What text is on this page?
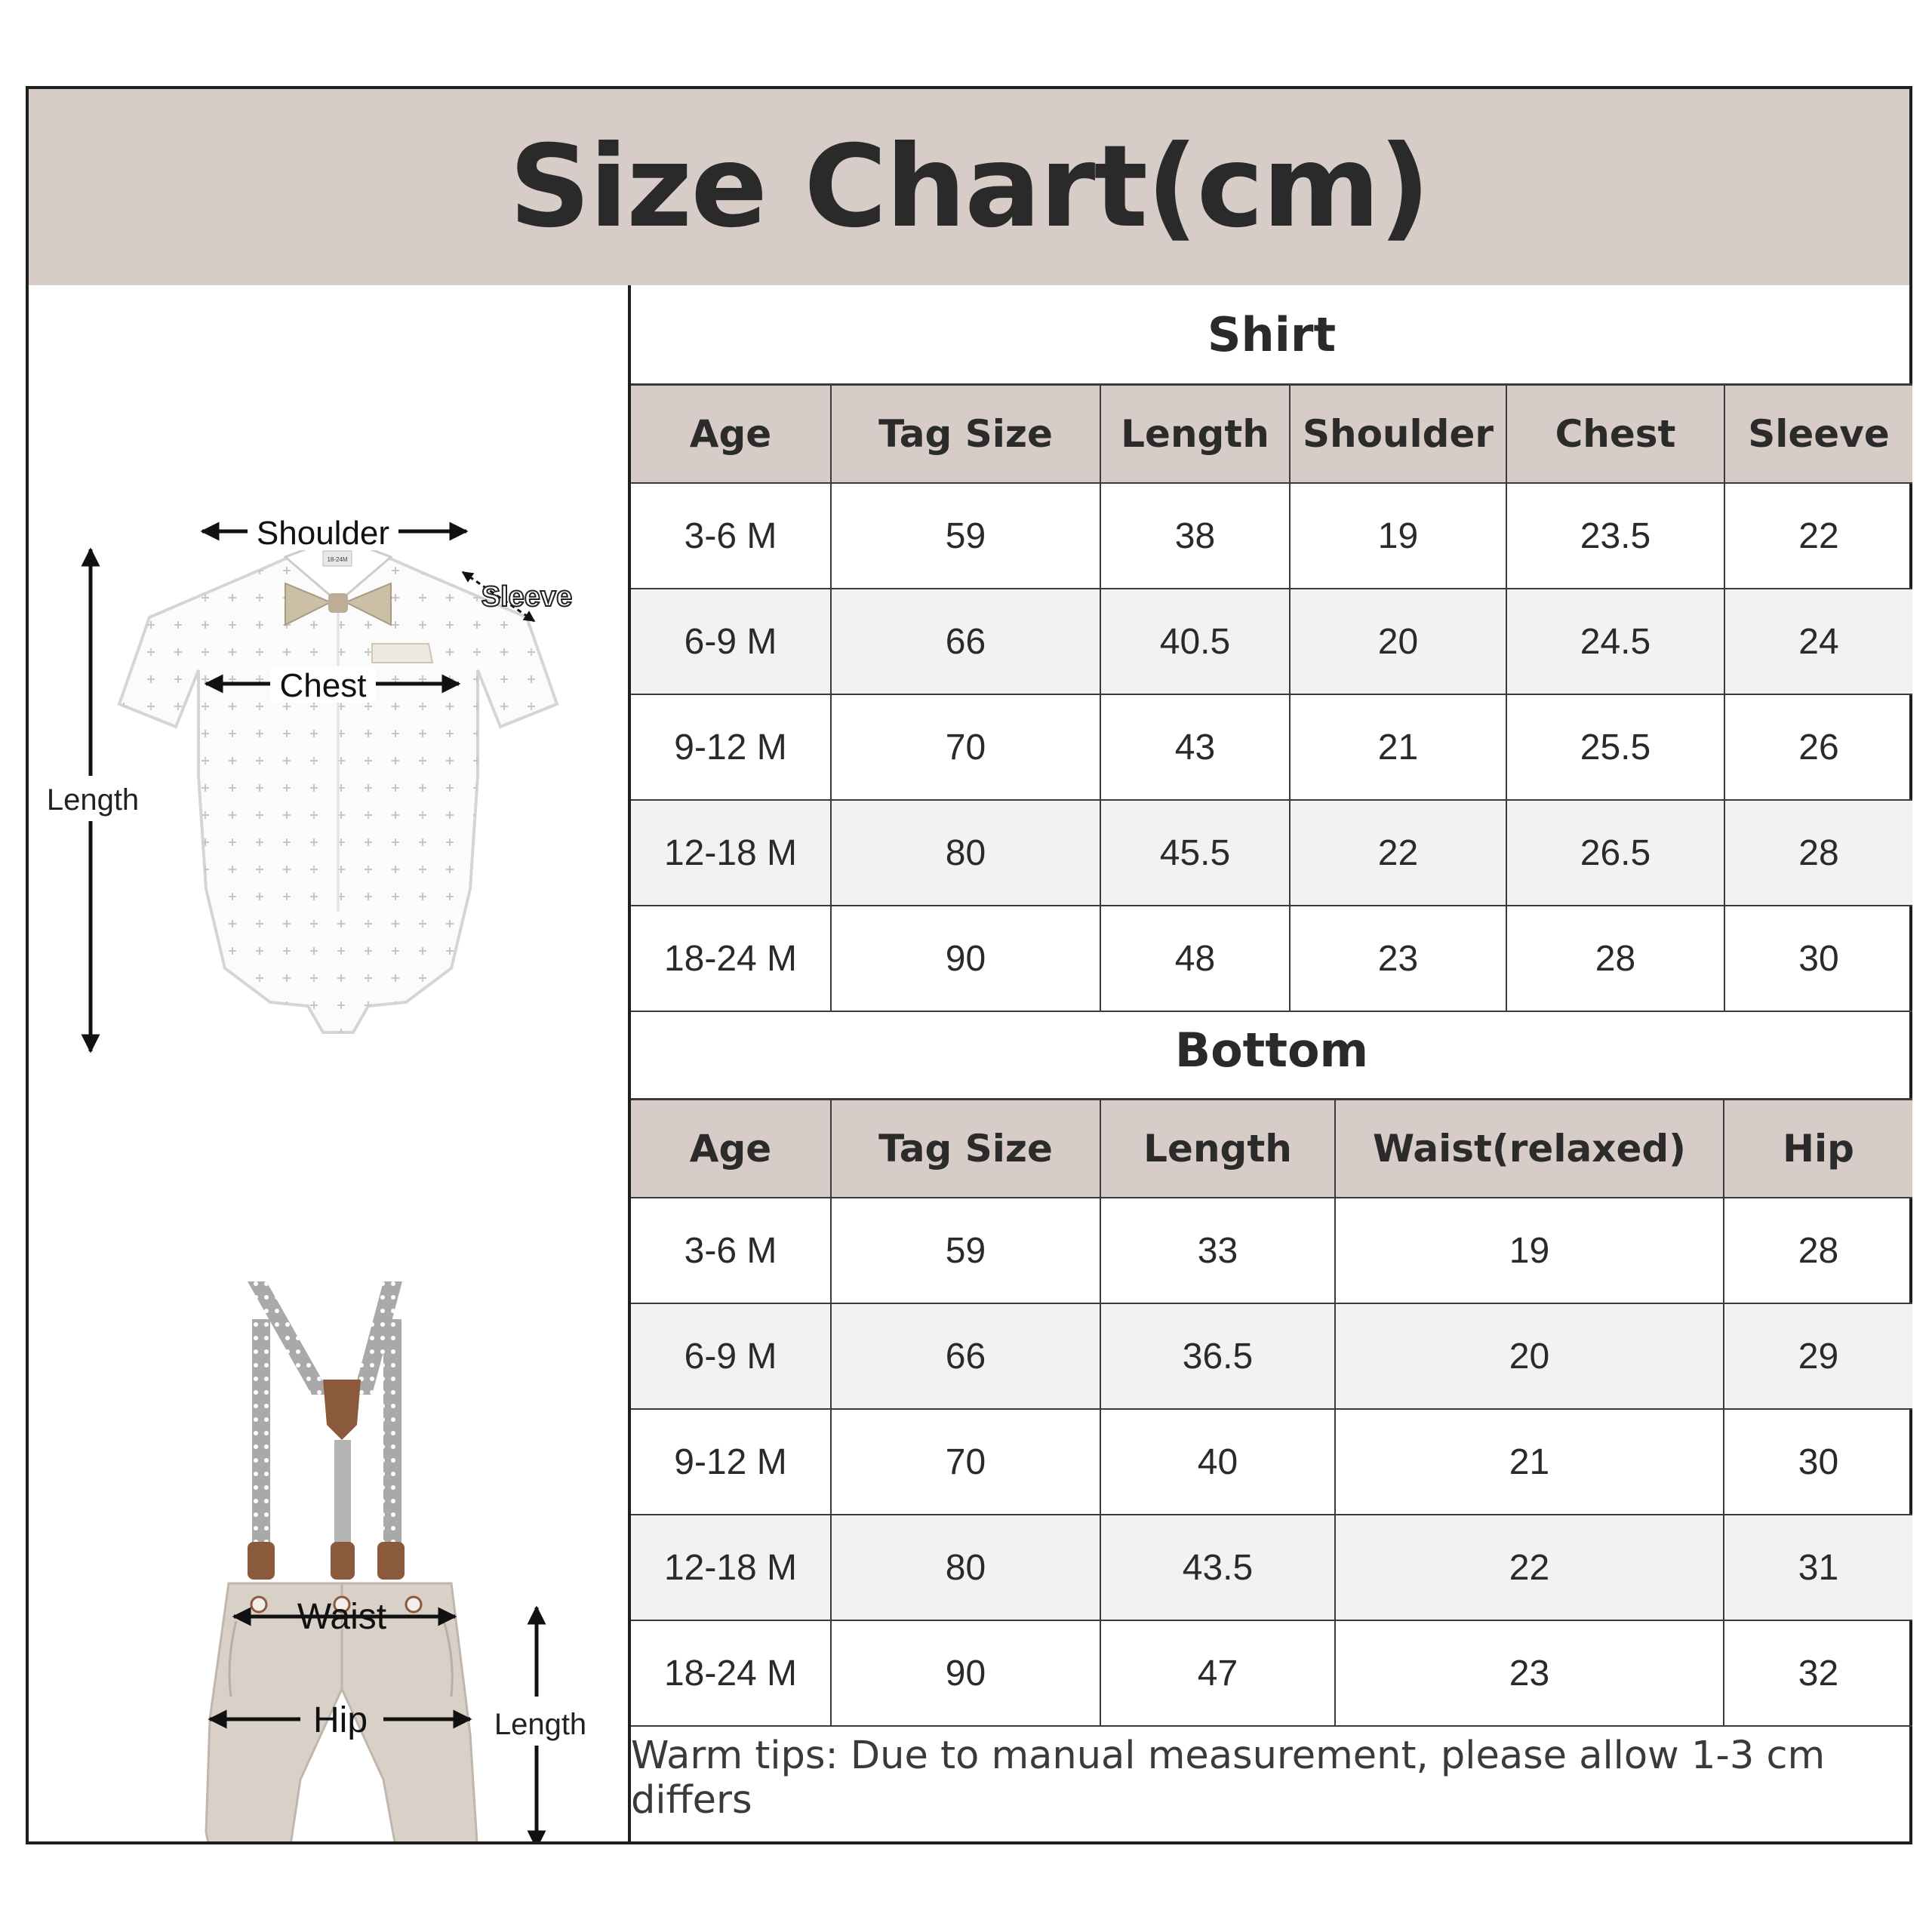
Size Chart(cm)
18-24M
Shoulder
Chest
Sleeve
Length
Waist
Hip	Length
Shirt
Age	Tag Size	Length	Shoulder	Chest	Sleeve
3-6 M	59	38	19	23.5	22
6-9 M	66	40.5	20	24.5	24
9-12 M	70	43	21	25.5	26
12-18 M	80	45.5	22	26.5	28
18-24 M	90	48	23	28	30
Bottom
Age	Tag Size	Length	Waist(relaxed)	Hip
3-6 M	59	33	19	28
6-9 M	66	36.5	20	29
9-12 M	70	40	21	30
12-18 M	80	43.5	22	31
18-24 M	90	47	23	32
Warm tips: Due to manual measurement, please allow 1-3 cm differs
